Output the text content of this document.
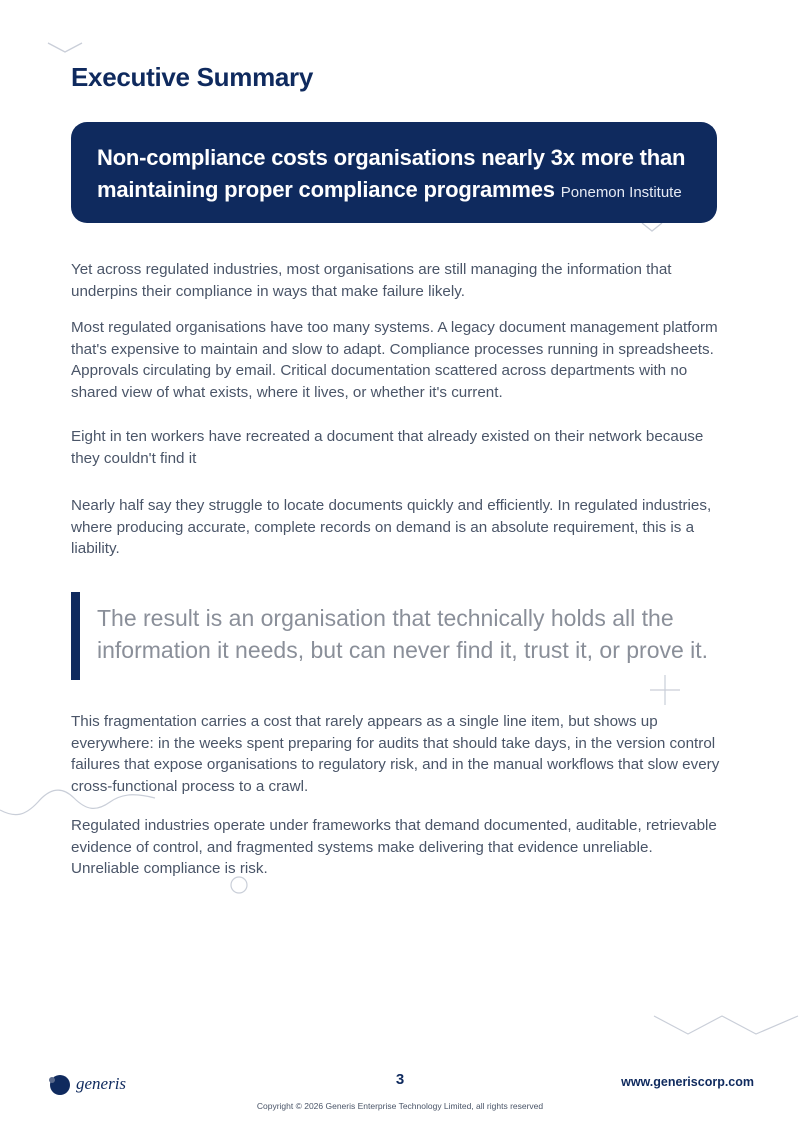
Executive Summary
Non-compliance costs organisations nearly 3x more than maintaining proper compliance programmes Ponemon Institute

Yet across regulated industries, most organisations are still managing the information that underpins their compliance in ways that make failure likely.

Most regulated organisations have too many systems. A legacy document management platform that's expensive to maintain and slow to adapt. Compliance processes running in spreadsheets. Approvals circulating by email. Critical documentation scattered across departments with no shared view of what exists, where it lives, or whether it's current.

Eight in ten workers have recreated a document that already existed on their network because they couldn't find it

Nearly half say they struggle to locate documents quickly and efficiently. In regulated industries, where producing accurate, complete records on demand is an absolute requirement, this is a liability.

The result is an organisation that technically holds all the information it needs, but can never find it, trust it, or prove it.

This fragmentation carries a cost that rarely appears as a single line item, but shows up everywhere: in the weeks spent preparing for audits that should take days, in the version control failures that expose organisations to regulatory risk, and in the manual workflows that slow every cross-functional process to a crawl.

Regulated industries operate under frameworks that demand documented, auditable, retrievable evidence of control, and fragmented systems make delivering that evidence unreliable. Unreliable compliance is risk.

generis	3	www.generiscorp.com
Copyright © 2026 Generis Enterprise Technology Limited, all rights reserved
